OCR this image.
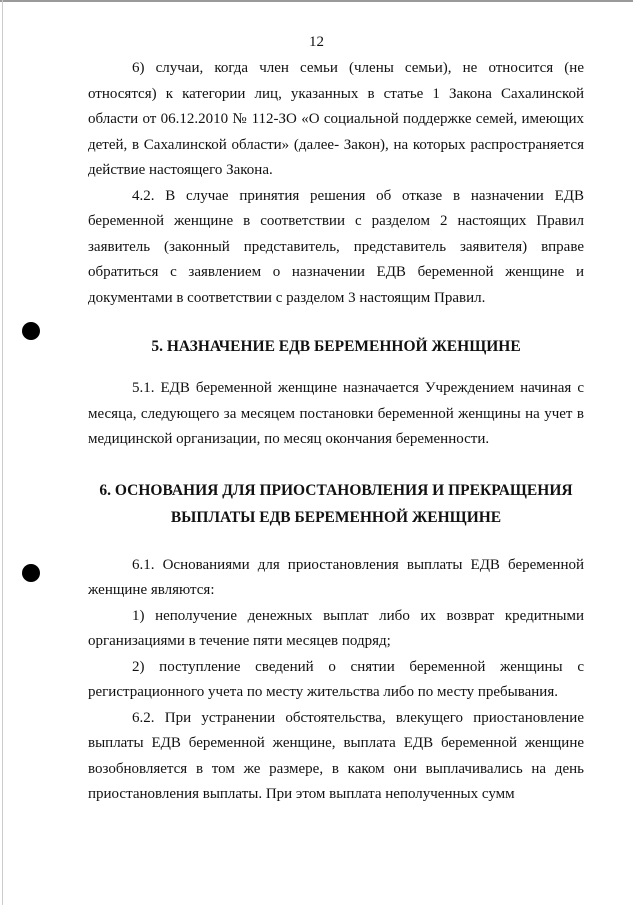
12

6) случаи, когда член семьи (члены семьи), не относится (не относятся) к категории лиц, указанных в статье 1 Закона Сахалинской области от 06.12.2010 № 112-ЗО «О социальной поддержке семей, имеющих детей, в Сахалинской области» (далее- Закон), на которых распространяется действие настоящего Закона.

4.2. В случае принятия решения об отказе в назначении ЕДВ беременной женщине в соответствии с разделом 2 настоящих Правил заявитель (законный представитель, представитель заявителя) вправе обратиться с заявлением о назначении ЕДВ беременной женщине и документами в соответствии с разделом 3 настоящим Правил.

5. НАЗНАЧЕНИЕ ЕДВ БЕРЕМЕННОЙ ЖЕНЩИНЕ

5.1. ЕДВ беременной женщине назначается Учреждением начиная с месяца, следующего за месяцем постановки беременной женщины на учет в медицинской организации, по месяц окончания беременности.

6. ОСНОВАНИЯ ДЛЯ ПРИОСТАНОВЛЕНИЯ И ПРЕКРАЩЕНИЯ

ВЫПЛАТЫ ЕДВ БЕРЕМЕННОЙ ЖЕНЩИНЕ

6.1. Основаниями для приостановления выплаты ЕДВ беременной женщине являются:

1) неполучение денежных выплат либо их возврат кредитными организациями в течение пяти месяцев подряд;

2) поступление сведений о снятии беременной женщины с регистрационного учета по месту жительства либо по месту пребывания.

6.2. При устранении обстоятельства, влекущего приостановление выплаты ЕДВ беременной женщине, выплата ЕДВ беременной женщине возобновляется в том же размере, в каком они выплачивались на день приостановления выплаты. При этом выплата неполученных сумм
